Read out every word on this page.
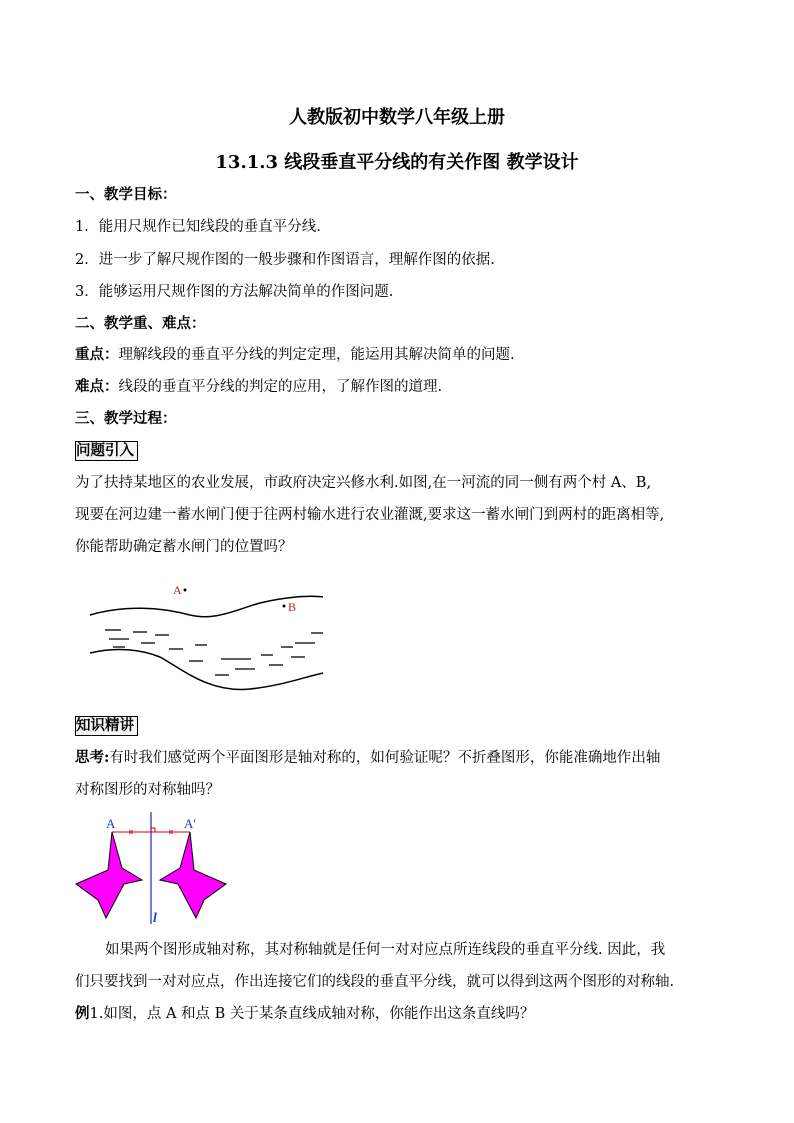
人教版初中数学八年级上册
13.1.3 线段垂直平分线的有关作图 教学设计
一、教学目标：
1．能用尺规作已知线段的垂直平分线.
2．进一步了解尺规作图的一般步骤和作图语言，理解作图的依据.
3．能够运用尺规作图的方法解决简单的作图问题.
二、教学重、难点：
重点：理解线段的垂直平分线的判定定理，能运用其解决简单的问题.
难点：线段的垂直平分线的判定的应用，了解作图的道理.
三、教学过程：
问题引入
为了扶持某地区的农业发展，市政府决定兴修水利.如图,在一河流的同一侧有两个村 A、B,
现要在河边建一蓄水闸门便于往两村输水进行农业灌溉,要求这一蓄水闸门到两村的距离相等,
你能帮助确定蓄水闸门的位置吗？
A
B
知识精讲
思考:有时我们感觉两个平面图形是轴对称的，如何验证呢？不折叠图形，你能准确地作出轴
对称图形的对称轴吗？
A	A′
l
如果两个图形成轴对称，其对称轴就是任何一对对应点所连线段的垂直平分线. 因此，我
们只要找到一对对应点，作出连接它们的线段的垂直平分线，就可以得到这两个图形的对称轴.
例1.如图，点 A 和点 B 关于某条直线成轴对称，你能作出这条直线吗？
